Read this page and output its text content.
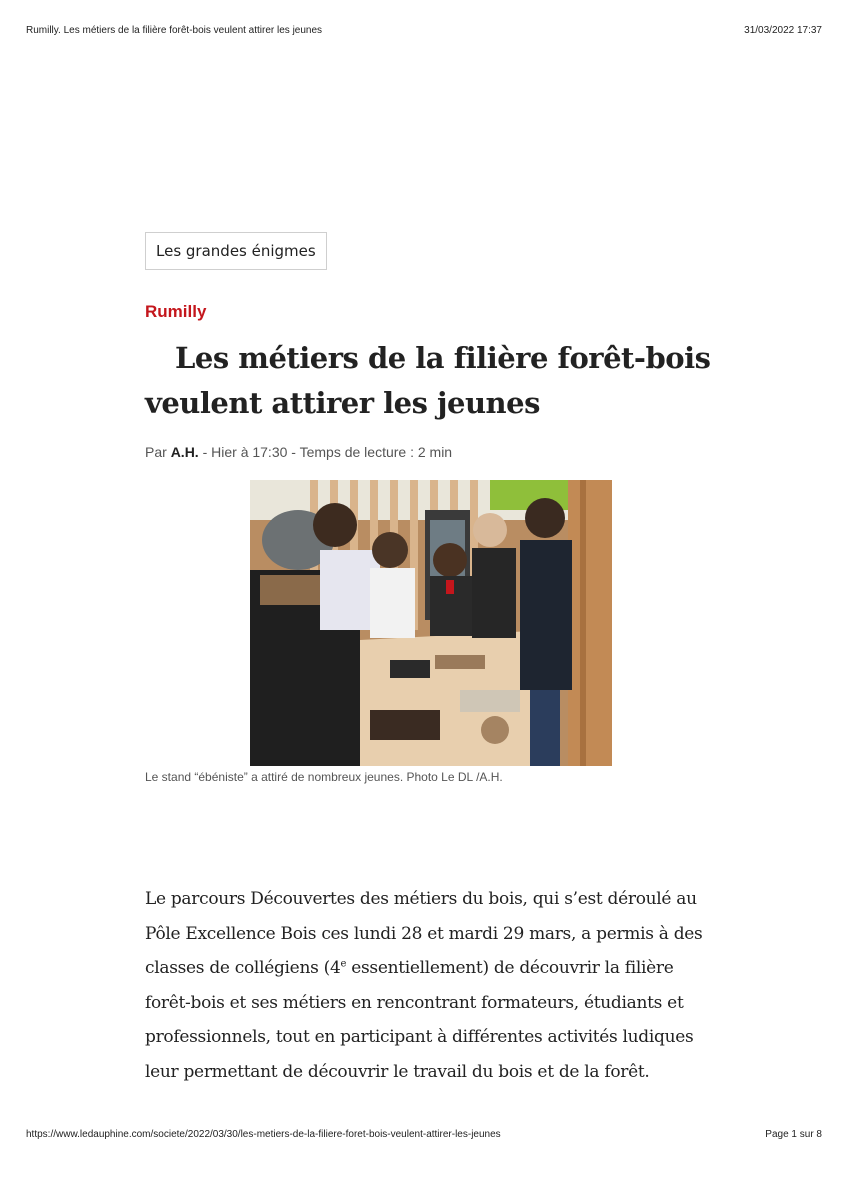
Rumilly. Les métiers de la filière forêt-bois veulent attirer les jeunes	31/03/2022 17:37
Les grandes énigmes
Rumilly
Les métiers de la filière forêt-bois veulent attirer les jeunes
Par A.H. - Hier à 17:30 - Temps de lecture : 2 min
Le stand “ébéniste” a attiré de nombreux jeunes. Photo Le DL /A.H.

Le parcours Découvertes des métiers du bois, qui s’est déroulé au Pôle Excellence Bois ces lundi 28 et mardi 29 mars, a permis à des classes de collégiens (4e essentiellement) de découvrir la filière forêt-bois et ses métiers en rencontrant formateurs, étudiants et professionnels, tout en participant à différentes activités ludiques leur permettant de découvrir le travail du bois et de la forêt.

https://www.ledauphine.com/societe/2022/03/30/les-metiers-de-la-filiere-foret-bois-veulent-attirer-les-jeunes	Page 1 sur 8
